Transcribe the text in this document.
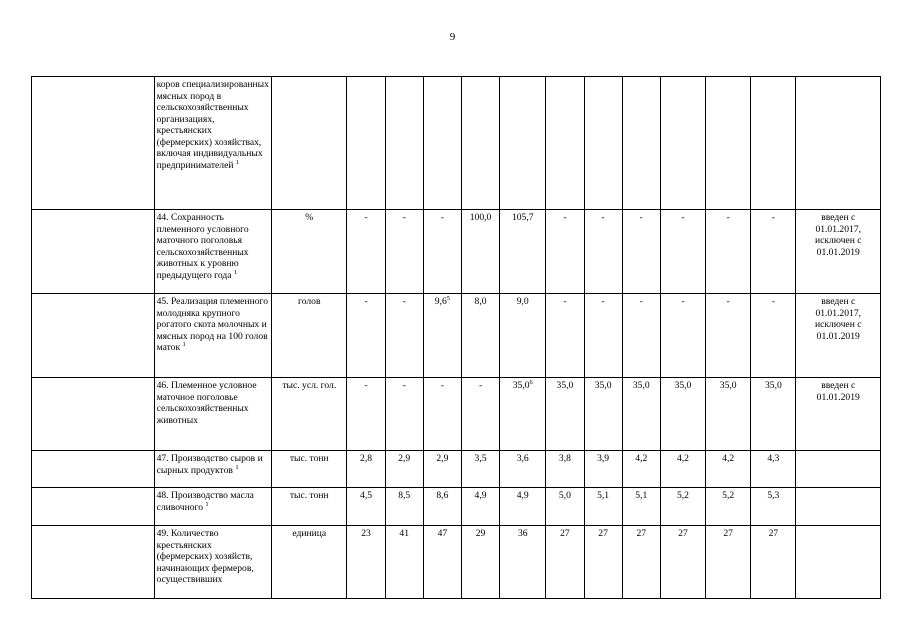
9
	коров специализированных мясных пород в сельскохозяйственных организациях, крестьянских (фермерских) хозяйствах, включая индивидуальных предпринимателей $^1$													
	44. Сохранность племенного условного маточного поголовья сельскохозяйственных животных к уровню предыдущего года $^1$	%	-	-	-	100,0	105,7	-	-	-	-	-	-	введен с 01.01.2017, исключен с 01.01.2019
	45. Реализация племенного молодняка крупного рогатого скота молочных и мясных пород на 100 голов маток $^1$	голов	-	-	9,6$^5$	8,0	9,0	-	-	-	-	-	-	введен с 01.01.2017, исключен с 01.01.2019
	46. Племенное условное маточное поголовье сельскохозяйственных животных	тыс. усл. гол.	-	-	-	-	35,0$^6$	35,0	35,0	35,0	35,0	35,0	35,0	введен с 01.01.2019
	47. Производство сыров и сырных продуктов $^1$	тыс. тонн	2,8	2,9	2,9	3,5	3,6	3,8	3,9	4,2	4,2	4,2	4,3	
	48. Производство масла сливочного $^1$	тыс. тонн	4,5	8,5	8,6	4,9	4,9	5,0	5,1	5,1	5,2	5,2	5,3	
	49. Количество крестьянских (фермерских) хозяйств, начинающих фермеров, осуществивших	единица	23	41	47	29	36	27	27	27	27	27	27	
